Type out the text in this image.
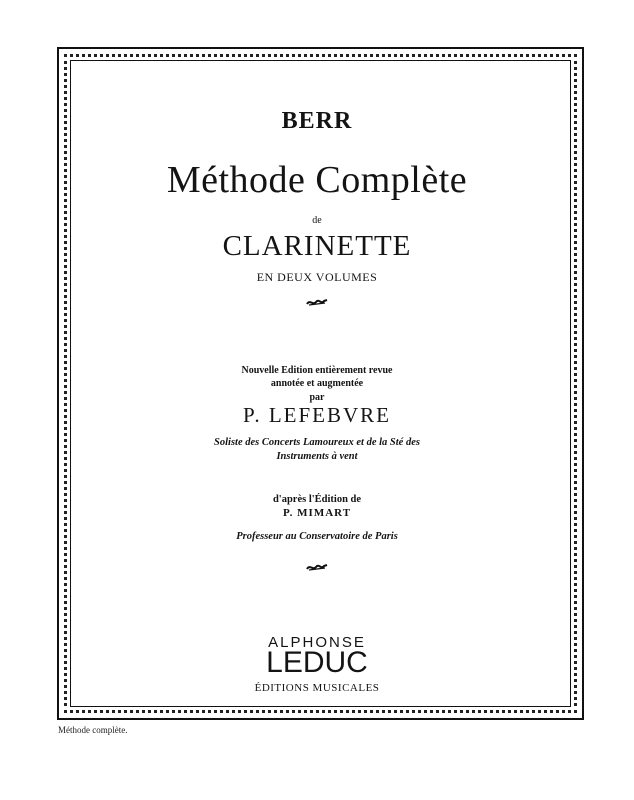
BERR
Méthode Complète
de
CLARINETTE
EN DEUX VOLUMES
Nouvelle Edition entièrement revue
annotée et augmentée
par
P. LEFEBVRE
Soliste des Concerts Lamoureux et de la Sté des
Instruments à vent
d'après l'Édition de
P. MIMART
Professeur au Conservatoire de Paris
ALPHONSE
LEDUC
ÉDITIONS MUSICALES
Méthode complète.
